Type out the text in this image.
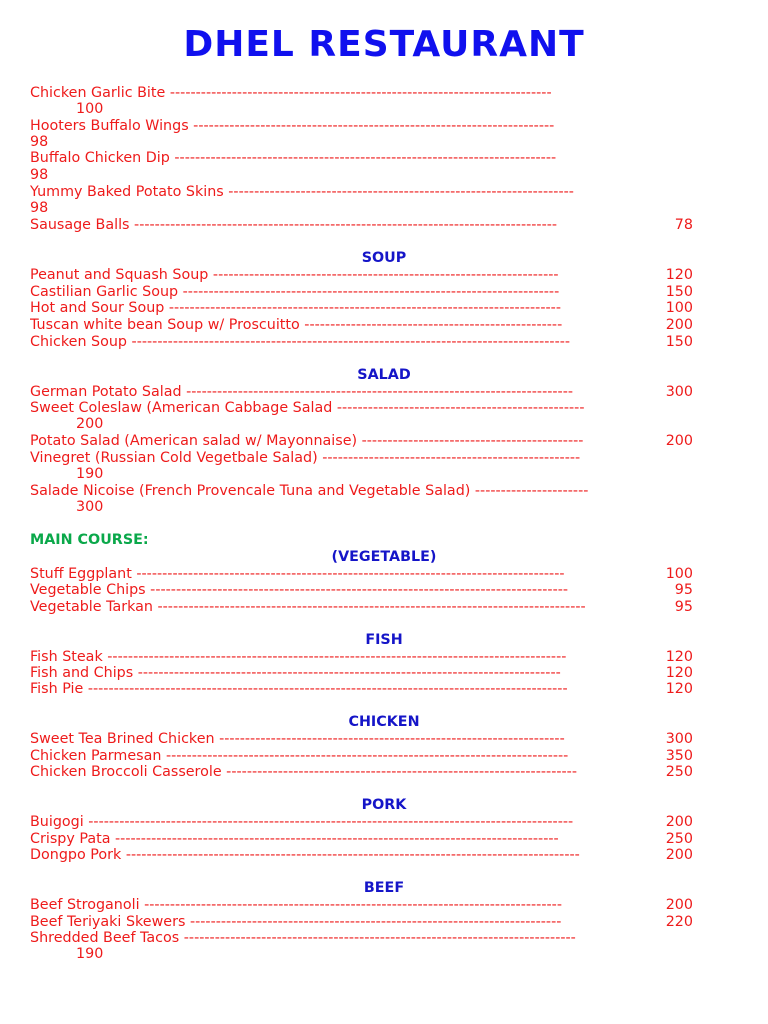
DHEL RESTAURANT
Chicken Garlic Bite --------------------------------------------------------------------------
100
Hooters Buffalo Wings ----------------------------------------------------------------------
98
Buffalo Chicken Dip --------------------------------------------------------------------------
98
Yummy Baked Potato Skins -------------------------------------------------------------------
98
Sausage Balls ----------------------------------------------------------------------------------	78
SOUP
Peanut and Squash Soup -------------------------------------------------------------------	120
Castilian Garlic Soup -------------------------------------------------------------------------	150
Hot and Sour Soup ----------------------------------------------------------------------------	100
Tuscan white bean Soup w/ Proscuitto --------------------------------------------------	200
Chicken Soup -------------------------------------------------------------------------------------	150
SALAD
German Potato Salad ---------------------------------------------------------------------------	300
Sweet Coleslaw (American Cabbage Salad ------------------------------------------------
200
Potato Salad (American salad w/ Mayonnaise) -------------------------------------------	200
Vinegret (Russian Cold Vegetbale Salad) --------------------------------------------------
190
Salade Nicoise (French Provencale Tuna and Vegetable Salad) ----------------------
300
MAIN COURSE:
(VEGETABLE)
Stuff Eggplant -----------------------------------------------------------------------------------	100
Vegetable Chips ---------------------------------------------------------------------------------	95
Vegetable Tarkan -----------------------------------------------------------------------------------	95
FISH
Fish Steak -----------------------------------------------------------------------------------------	120
Fish and Chips ----------------------------------------------------------------------------------	120
Fish Pie ---------------------------------------------------------------------------------------------	120
CHICKEN
Sweet Tea Brined Chicken -------------------------------------------------------------------	300
Chicken Parmesan ------------------------------------------------------------------------------	350
Chicken Broccoli Casserole --------------------------------------------------------------------	250
PORK
Buigogi ----------------------------------------------------------------------------------------------	200
Crispy Pata --------------------------------------------------------------------------------------	250
Dongpo Pork ----------------------------------------------------------------------------------------	200
BEEF
Beef Stroganoli ---------------------------------------------------------------------------------	200
Beef Teriyaki Skewers ------------------------------------------------------------------------	220
Shredded Beef Tacos ----------------------------------------------------------------------------
190
